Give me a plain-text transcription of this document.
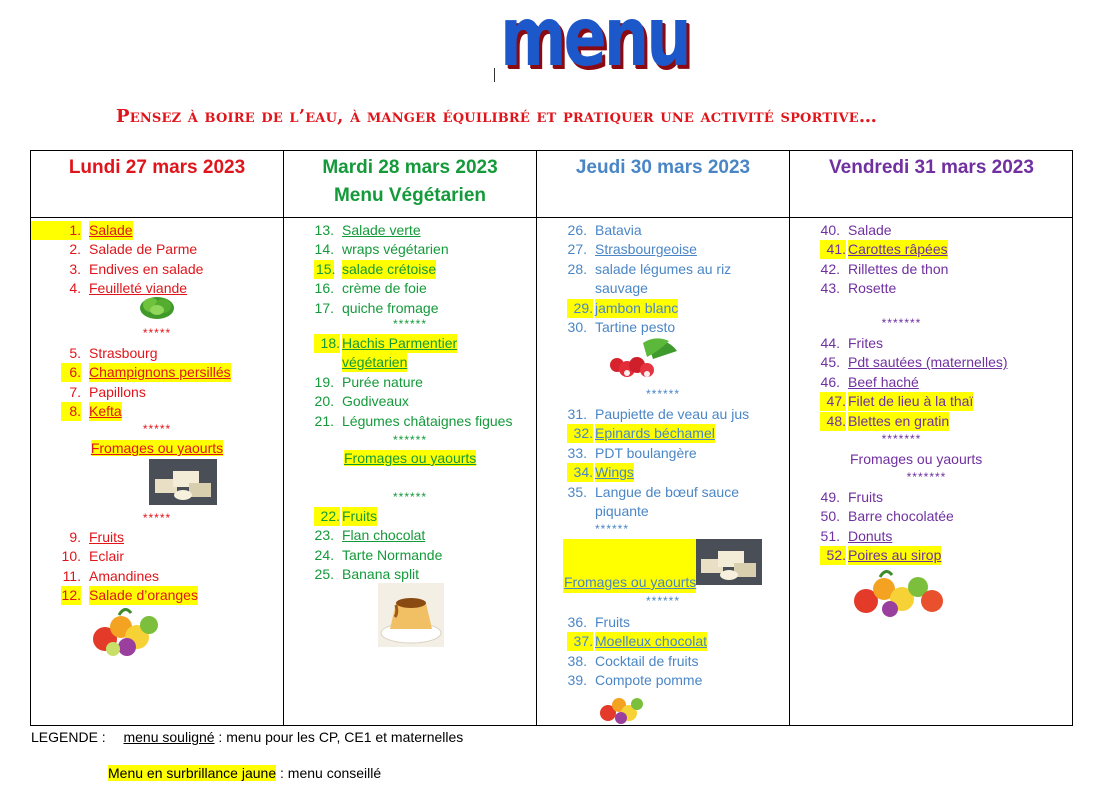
menu
Pensez à boire de l’eau, à manger équilibré et pratiquer une activité sportive…
Lundi 27 mars 2023
1. Salade
2. Salade de Parme
3. Endives en salade
4. Feuilleté viande
*****
5. Strasbourg
6. Champignons persillés
7. Papillons
8. Kefta
*****
Fromages ou yaourts
*****
9. Fruits
10. Eclair
11. Amandines
12. Salade d’oranges
Mardi 28 mars 2023
Menu Végétarien
13. Salade verte
14. wraps végétarien
15. salade crétoise
16. crème de foie
17. quiche fromage
******
18. Hachis Parmentier
végétarien
19. Purée nature
20. Godiveaux
21. Légumes châtaignes figues
******
Fromages ou yaourts
******
22. Fruits
23. Flan chocolat
24. Tarte Normande
25. Banana split
Jeudi 30 mars 2023
26. Batavia
27. Strasbourgeoise
28. salade légumes au riz
sauvage
29. jambon blanc
30. Tartine pesto
******
31. Paupiette de veau au jus
32. Epinards béchamel
33. PDT boulangère
34. Wings
35. Langue de bœuf sauce
piquante
******
Fromages ou yaourts
******
36. Fruits
37. Moelleux chocolat
38. Cocktail de fruits
39. Compote pomme
Vendredi 31 mars 2023
40. Salade
41. Carottes râpées
42. Rillettes de thon
43. Rosette
*******
44. Frites
45. Pdt sautées (maternelles)
46. Beef haché
47. Filet de lieu à la thaï
48. Blettes en gratin
*******
Fromages ou yaourts
*******
49. Fruits
50. Barre chocolatée
51. Donuts
52. Poires au sirop
LEGENDE : menu souligné : menu pour les CP, CE1 et maternelles
Menu en surbrillance jaune : menu conseillé
